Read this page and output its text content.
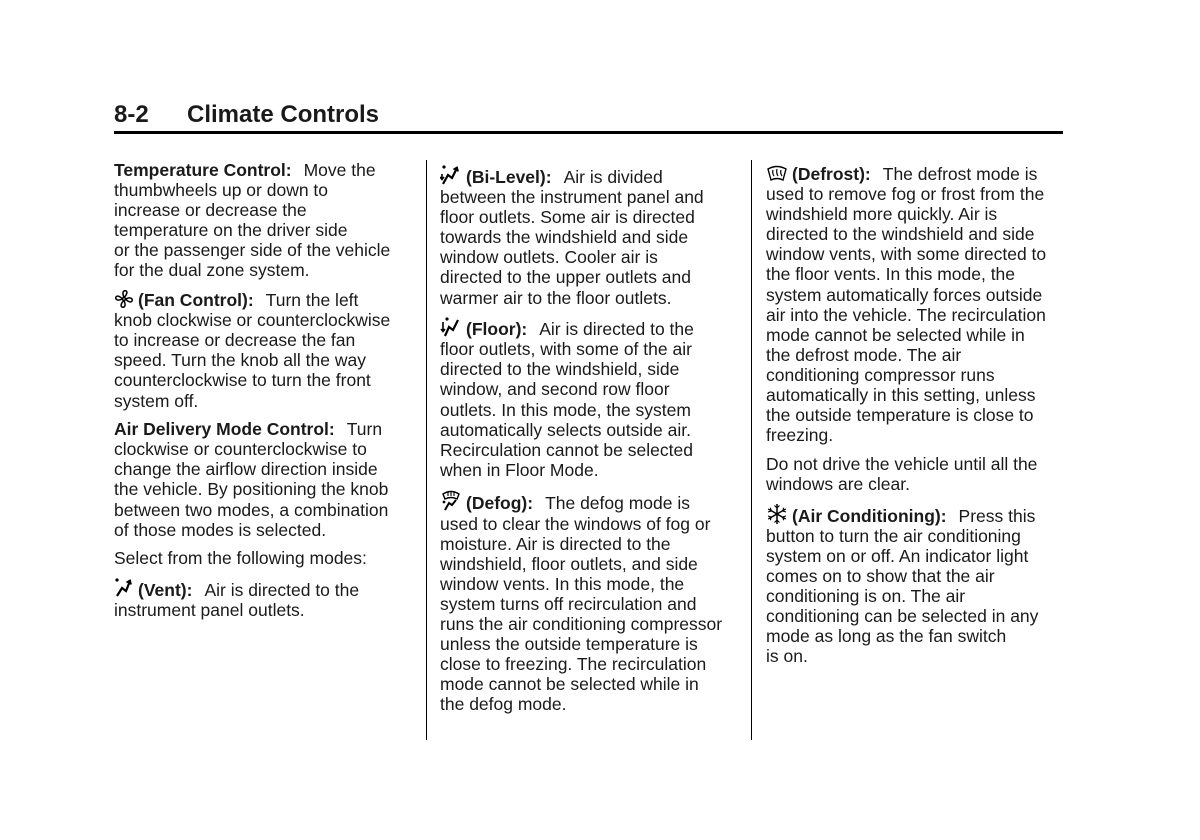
8-2 Climate Controls
Temperature Control: Move the
thumbwheels up or down to
increase or decrease the
temperature on the driver side
or the passenger side of the vehicle
for the dual zone system.
(Fan Control): Turn the left
knob clockwise or counterclockwise
to increase or decrease the fan
speed. Turn the knob all the way
counterclockwise to turn the front
system off.
Air Delivery Mode Control: Turn
clockwise or counterclockwise to
change the airflow direction inside
the vehicle. By positioning the knob
between two modes, a combination
of those modes is selected.
Select from the following modes:
(Vent): Air is directed to the
instrument panel outlets.
(Bi-Level): Air is divided
between the instrument panel and
floor outlets. Some air is directed
towards the windshield and side
window outlets. Cooler air is
directed to the upper outlets and
warmer air to the floor outlets.
(Floor): Air is directed to the
floor outlets, with some of the air
directed to the windshield, side
window, and second row floor
outlets. In this mode, the system
automatically selects outside air.
Recirculation cannot be selected
when in Floor Mode.
(Defog): The defog mode is
used to clear the windows of fog or
moisture. Air is directed to the
windshield, floor outlets, and side
window vents. In this mode, the
system turns off recirculation and
runs the air conditioning compressor
unless the outside temperature is
close to freezing. The recirculation
mode cannot be selected while in
the defog mode.
(Defrost): The defrost mode is
used to remove fog or frost from the
windshield more quickly. Air is
directed to the windshield and side
window vents, with some directed to
the floor vents. In this mode, the
system automatically forces outside
air into the vehicle. The recirculation
mode cannot be selected while in
the defrost mode. The air
conditioning compressor runs
automatically in this setting, unless
the outside temperature is close to
freezing.
Do not drive the vehicle until all the
windows are clear.
(Air Conditioning): Press this
button to turn the air conditioning
system on or off. An indicator light
comes on to show that the air
conditioning is on. The air
conditioning can be selected in any
mode as long as the fan switch
is on.
